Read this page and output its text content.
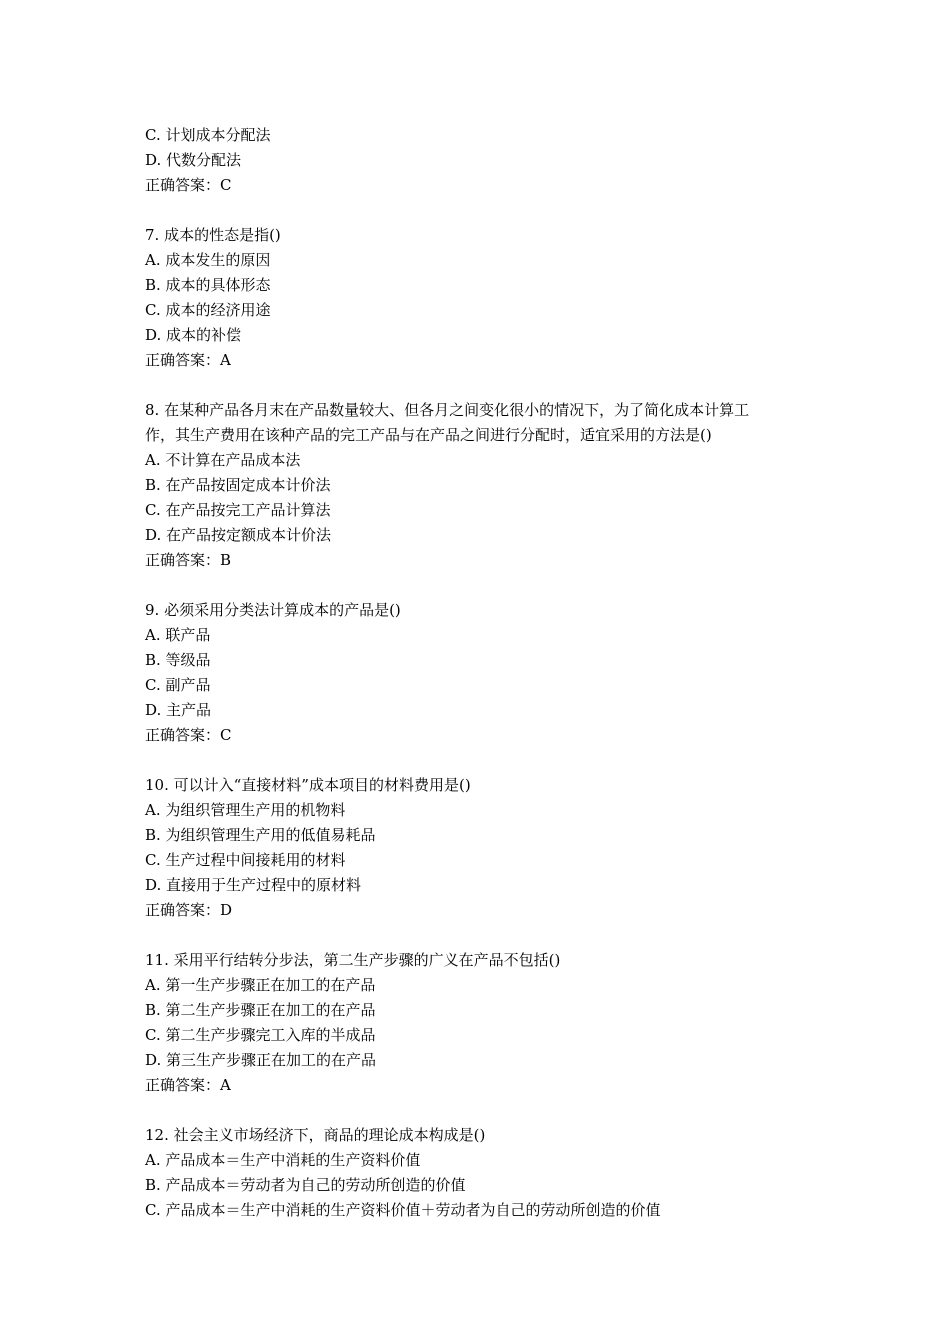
C. 计划成本分配法
D. 代数分配法
正确答案：C
7. 成本的性态是指()
A. 成本发生的原因
B. 成本的具体形态
C. 成本的经济用途
D. 成本的补偿
正确答案：A
8. 在某种产品各月末在产品数量较大、但各月之间变化很小的情况下，为了简化成本计算工
作，其生产费用在该种产品的完工产品与在产品之间进行分配时，适宜采用的方法是()
A. 不计算在产品成本法
B. 在产品按固定成本计价法
C. 在产品按完工产品计算法
D. 在产品按定额成本计价法
正确答案：B
9. 必须采用分类法计算成本的产品是()
A. 联产品
B. 等级品
C. 副产品
D. 主产品
正确答案：C
10. 可以计入“直接材料”成本项目的材料费用是()
A. 为组织管理生产用的机物料
B. 为组织管理生产用的低值易耗品
C. 生产过程中间接耗用的材料
D. 直接用于生产过程中的原材料
正确答案：D
11. 采用平行结转分步法，第二生产步骤的广义在产品不包括()
A. 第一生产步骤正在加工的在产品
B. 第二生产步骤正在加工的在产品
C. 第二生产步骤完工入库的半成品
D. 第三生产步骤正在加工的在产品
正确答案：A
12. 社会主义市场经济下，商品的理论成本构成是()
A. 产品成本＝生产中消耗的生产资料价值
B. 产品成本＝劳动者为自己的劳动所创造的价值
C. 产品成本＝生产中消耗的生产资料价值＋劳动者为自己的劳动所创造的价值
